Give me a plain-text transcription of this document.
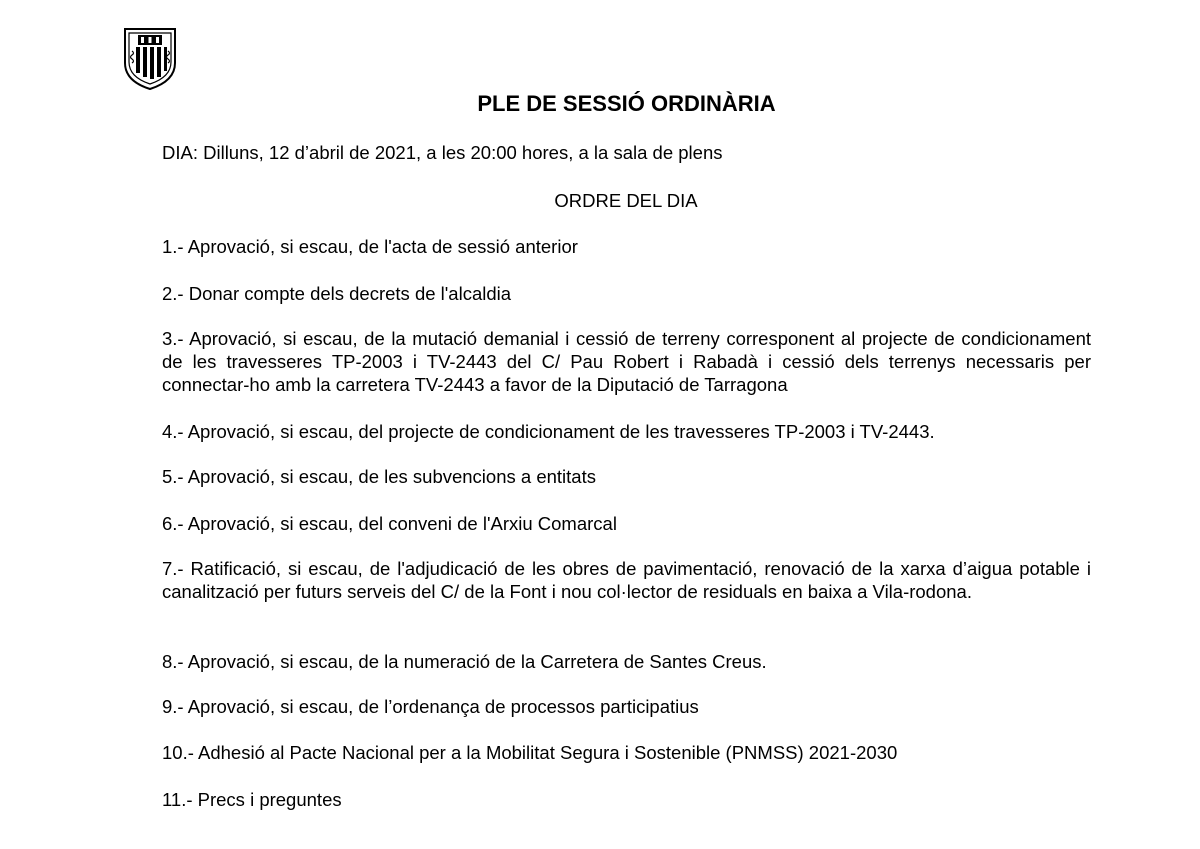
PLE DE SESSIÓ ORDINÀRIA

DIA: Dilluns, 12 d’abril de 2021, a les 20:00 hores, a la sala de plens

ORDRE DEL DIA

1.- Aprovació, si escau, de l'acta de sessió anterior

2.- Donar compte dels decrets de l'alcaldia

3.- Aprovació, si escau, de la mutació demanial i cessió de terreny corresponent al projecte de condicionament de les travesseres TP-2003 i TV-2443 del C/ Pau Robert i Rabadà i cessió dels terrenys necessaris per connectar-ho amb la carretera TV-2443 a favor de la Diputació de Tarragona

4.- Aprovació, si escau, del projecte de condicionament de les travesseres TP-2003 i TV-2443.

5.- Aprovació, si escau, de les subvencions a entitats

6.- Aprovació, si escau, del conveni de l'Arxiu Comarcal

7.- Ratificació, si escau, de l'adjudicació de les obres de pavimentació, renovació de la xarxa d’aigua potable i canalització per futurs serveis del C/ de la Font i nou col·lector de residuals en baixa a Vila-rodona.

8.- Aprovació, si escau, de la numeració de la Carretera de Santes Creus.

9.- Aprovació, si escau, de l’ordenança de processos participatius

10.- Adhesió al Pacte Nacional per a la Mobilitat Segura i Sostenible (PNMSS) 2021-2030

11.- Precs i preguntes
